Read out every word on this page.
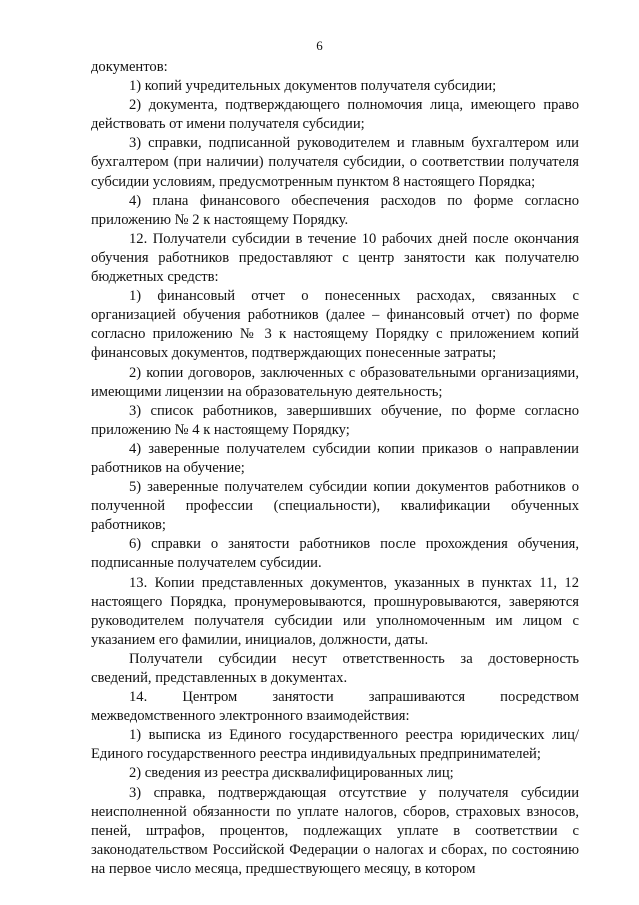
6

документов:

1) копий учредительных документов получателя субсидии;

2) документа, подтверждающего полномочия лица, имеющего право действовать от имени получателя субсидии;

3) справки, подписанной руководителем и главным бухгалтером или бухгалтером (при наличии) получателя субсидии, о соответствии получателя субсидии условиям, предусмотренным пунктом 8 настоящего Порядка;

4) плана финансового обеспечения расходов по форме согласно приложению № 2 к настоящему Порядку.

12. Получатели субсидии в течение 10 рабочих дней после окончания обучения работников предоставляют с центр занятости как получателю бюджетных средств:

1) финансовый отчет о понесенных расходах, связанных с организацией обучения работников (далее – финансовый отчет) по форме согласно приложению № 3 к настоящему Порядку с приложением копий финансовых документов, подтверждающих понесенные затраты;

2) копии договоров, заключенных с образовательными организациями, имеющими лицензии на образовательную деятельность;

3) список работников, завершивших обучение, по форме согласно приложению № 4 к настоящему Порядку;

4) заверенные получателем субсидии копии приказов о направлении работников на обучение;

5) заверенные получателем субсидии копии документов работников о полученной профессии (специальности), квалификации обученных работников;

6) справки о занятости работников после прохождения обучения, подписанные получателем субсидии.

13. Копии представленных документов, указанных в пунктах 11, 12 настоящего Порядка, пронумеровываются, прошнуровываются, заверяются руководителем получателя субсидии или уполномоченным им лицом с указанием его фамилии, инициалов, должности, даты.

Получатели субсидии несут ответственность за достоверность сведений, представленных в документах.

14. Центром занятости запрашиваются посредством межведомственного электронного взаимодействия:

1) выписка из Единого государственного реестра юридических лиц/Единого государственного реестра индивидуальных предпринимателей;

2) сведения из реестра дисквалифицированных лиц;

3) справка, подтверждающая отсутствие у получателя субсидии неисполненной обязанности по уплате налогов, сборов, страховых взносов, пеней, штрафов, процентов, подлежащих уплате в соответствии с законодательством Российской Федерации о налогах и сборах, по состоянию на первое число месяца, предшествующего месяцу, в котором
